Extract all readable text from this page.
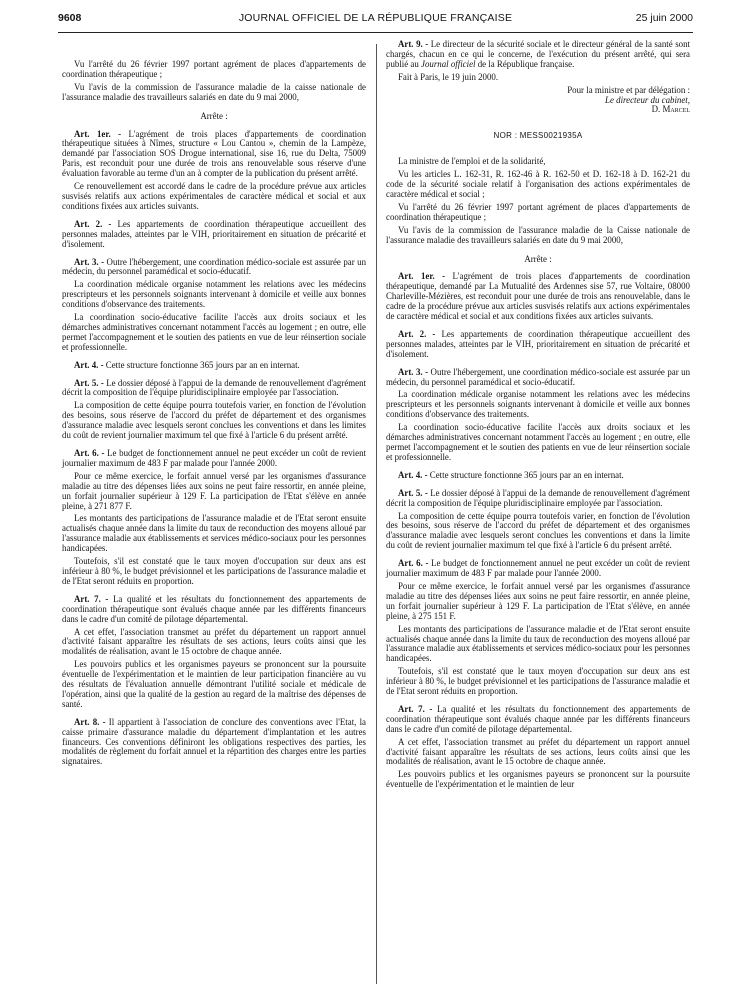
9608	JOURNAL OFFICIEL DE LA RÉPUBLIQUE FRANÇAISE	25 juin 2000

Vu l'arrêté du 26 février 1997 portant agrément de places d'appartements de coordination thérapeutique ;

Vu l'avis de la commission de l'assurance maladie de la caisse nationale de l'assurance maladie des travailleurs salariés en date du 9 mai 2000,

Arrête :

Art. 1er. - L'agrément de trois places d'appartements de coordination thérapeutique situées à Nîmes, structure « Lou Cantou », chemin de la Lampèze, demandé par l'association SOS Drogue international, sise 16, rue du Delta, 75009 Paris, est reconduit pour une durée de trois ans renouvelable sous réserve d'une évaluation favorable au terme d'un an à compter de la publication du présent arrêté.

Ce renouvellement est accordé dans le cadre de la procédure prévue aux articles susvisés relatifs aux actions expérimentales de caractère médical et social et aux conditions fixées aux articles suivants.

Art. 2. - Les appartements de coordination thérapeutique accueillent des personnes malades, atteintes par le VIH, prioritairement en situation de précarité et d'isolement.

Art. 3. - Outre l'hébergement, une coordination médico-sociale est assurée par un médecin, du personnel paramédical et socio-éducatif.

La coordination médicale organise notamment les relations avec les médecins prescripteurs et les personnels soignants intervenant à domicile et veille aux bonnes conditions d'observance des traitements.

La coordination socio-éducative facilite l'accès aux droits sociaux et les démarches administratives concernant notamment l'accès au logement ; en outre, elle permet l'accompagnement et le soutien des patients en vue de leur réinsertion sociale et professionnelle.

Art. 4. - Cette structure fonctionne 365 jours par an en internat.

Art. 5. - Le dossier déposé à l'appui de la demande de renouvellement d'agrément décrit la composition de l'équipe pluridisciplinaire employée par l'association.

La composition de cette équipe pourra toutefois varier, en fonction de l'évolution des besoins, sous réserve de l'accord du préfet de département et des organismes d'assurance maladie avec lesquels seront conclues les conventions et dans les limites du coût de revient journalier maximum tel que fixé à l'article 6 du présent arrêté.

Art. 6. - Le budget de fonctionnement annuel ne peut excéder un coût de revient journalier maximum de 483 F par malade pour l'année 2000.

Pour ce même exercice, le forfait annuel versé par les organismes d'assurance maladie au titre des dépenses liées aux soins ne peut faire ressortir, en année pleine, un forfait journalier supérieur à 129 F. La participation de l'Etat s'élève en année pleine, à 271 877 F.

Les montants des participations de l'assurance maladie et de l'Etat seront ensuite actualisés chaque année dans la limite du taux de reconduction des moyens alloué par l'assurance maladie aux établissements et services médico-sociaux pour les personnes handicapées.

Toutefois, s'il est constaté que le taux moyen d'occupation sur deux ans est inférieur à 80 %, le budget prévisionnel et les participations de l'assurance maladie et de l'Etat seront réduits en proportion.

Art. 7. - La qualité et les résultats du fonctionnement des appartements de coordination thérapeutique sont évalués chaque année par les différents financeurs dans le cadre d'un comité de pilotage départemental.

A cet effet, l'association transmet au préfet du département un rapport annuel d'activité faisant apparaître les résultats de ses actions, leurs coûts ainsi que les modalités de réalisation, avant le 15 octobre de chaque année.

Les pouvoirs publics et les organismes payeurs se prononcent sur la poursuite éventuelle de l'expérimentation et le maintien de leur participation financière au vu des résultats de l'évaluation annuelle démontrant l'utilité sociale et médicale de l'opération, ainsi que la qualité de la gestion au regard de la maîtrise des dépenses de santé.

Art. 8. - Il appartient à l'association de conclure des conventions avec l'Etat, la caisse primaire d'assurance maladie du département d'implantation et les autres financeurs. Ces conventions définiront les obligations respectives des parties, les modalités de règlement du forfait annuel et la répartition des charges entre les parties signataires.

Art. 9. - Le directeur de la sécurité sociale et le directeur général de la santé sont chargés, chacun en ce qui le concerne, de l'exécution du présent arrêté, qui sera publié au Journal officiel de la République française.

Fait à Paris, le 19 juin 2000.

Pour la ministre et par délégation :

Le directeur du cabinet,

D. Marcel

NOR : MESS0021935A

La ministre de l'emploi et de la solidarité,

Vu les articles L. 162-31, R. 162-46 à R. 162-50 et D. 162-18 à D. 162-21 du code de la sécurité sociale relatif à l'organisation des actions expérimentales de caractère médical et social ;

Vu l'arrêté du 26 février 1997 portant agrément de places d'appartements de coordination thérapeutique ;

Vu l'avis de la commission de l'assurance maladie de la Caisse nationale de l'assurance maladie des travailleurs salariés en date du 9 mai 2000,

Arrête :

Art. 1er. - L'agrément de trois places d'appartements de coordination thérapeutique, demandé par La Mutualité des Ardennes sise 57, rue Voltaire, 08000 Charleville-Mézières, est reconduit pour une durée de trois ans renouvelable, dans le cadre de la procédure prévue aux articles susvisés relatifs aux actions expérimentales de caractère médical et social et aux conditions fixées aux articles suivants.

Art. 2. - Les appartements de coordination thérapeutique accueillent des personnes malades, atteintes par le VIH, prioritairement en situation de précarité et d'isolement.

Art. 3. - Outre l'hébergement, une coordination médico-sociale est assurée par un médecin, du personnel paramédical et socio-éducatif.

La coordination médicale organise notamment les relations avec les médecins prescripteurs et les personnels soignants intervenant à domicile et veille aux bonnes conditions d'observance des traitements.

La coordination socio-éducative facilite l'accès aux droits sociaux et les démarches administratives concernant notamment l'accès au logement ; en outre, elle permet l'accompagnement et le soutien des patients en vue de leur réinsertion sociale et professionnelle.

Art. 4. - Cette structure fonctionne 365 jours par an en internat.

Art. 5. - Le dossier déposé à l'appui de la demande de renouvellement d'agrément décrit la composition de l'équipe pluridisciplinaire employée par l'association.

La composition de cette équipe pourra toutefois varier, en fonction de l'évolution des besoins, sous réserve de l'accord du préfet de département et des organismes d'assurance maladie avec lesquels seront conclues les conventions et dans la limite du coût de revient journalier maximum tel que fixé à l'article 6 du présent arrêté.

Art. 6. - Le budget de fonctionnement annuel ne peut excéder un coût de revient journalier maximum de 483 F par malade pour l'année 2000.

Pour ce même exercice, le forfait annuel versé par les organismes d'assurance maladie au titre des dépenses liées aux soins ne peut faire ressortir, en année pleine, un forfait journalier supérieur à 129 F. La participation de l'Etat s'élève, en année pleine, à 275 151 F.

Les montants des participations de l'assurance maladie et de l'Etat seront ensuite actualisés chaque année dans la limite du taux de reconduction des moyens alloué par l'assurance maladie aux établissements et services médico-sociaux pour les personnes handicapées.

Toutefois, s'il est constaté que le taux moyen d'occupation sur deux ans est inférieur à 80 %, le budget prévisionnel et les participations de l'assurance maladie et de l'Etat seront réduits en proportion.

Art. 7. - La qualité et les résultats du fonctionnement des appartements de coordination thérapeutique sont évalués chaque année par les différents financeurs dans le cadre d'un comité de pilotage départemental.

A cet effet, l'association transmet au préfet du département un rapport annuel d'activité faisant apparaître les résultats de ses actions, leurs coûts ainsi que les modalités de réalisation, avant le 15 octobre de chaque année.

Les pouvoirs publics et les organismes payeurs se prononcent sur la poursuite éventuelle de l'expérimentation et le maintien de leur
